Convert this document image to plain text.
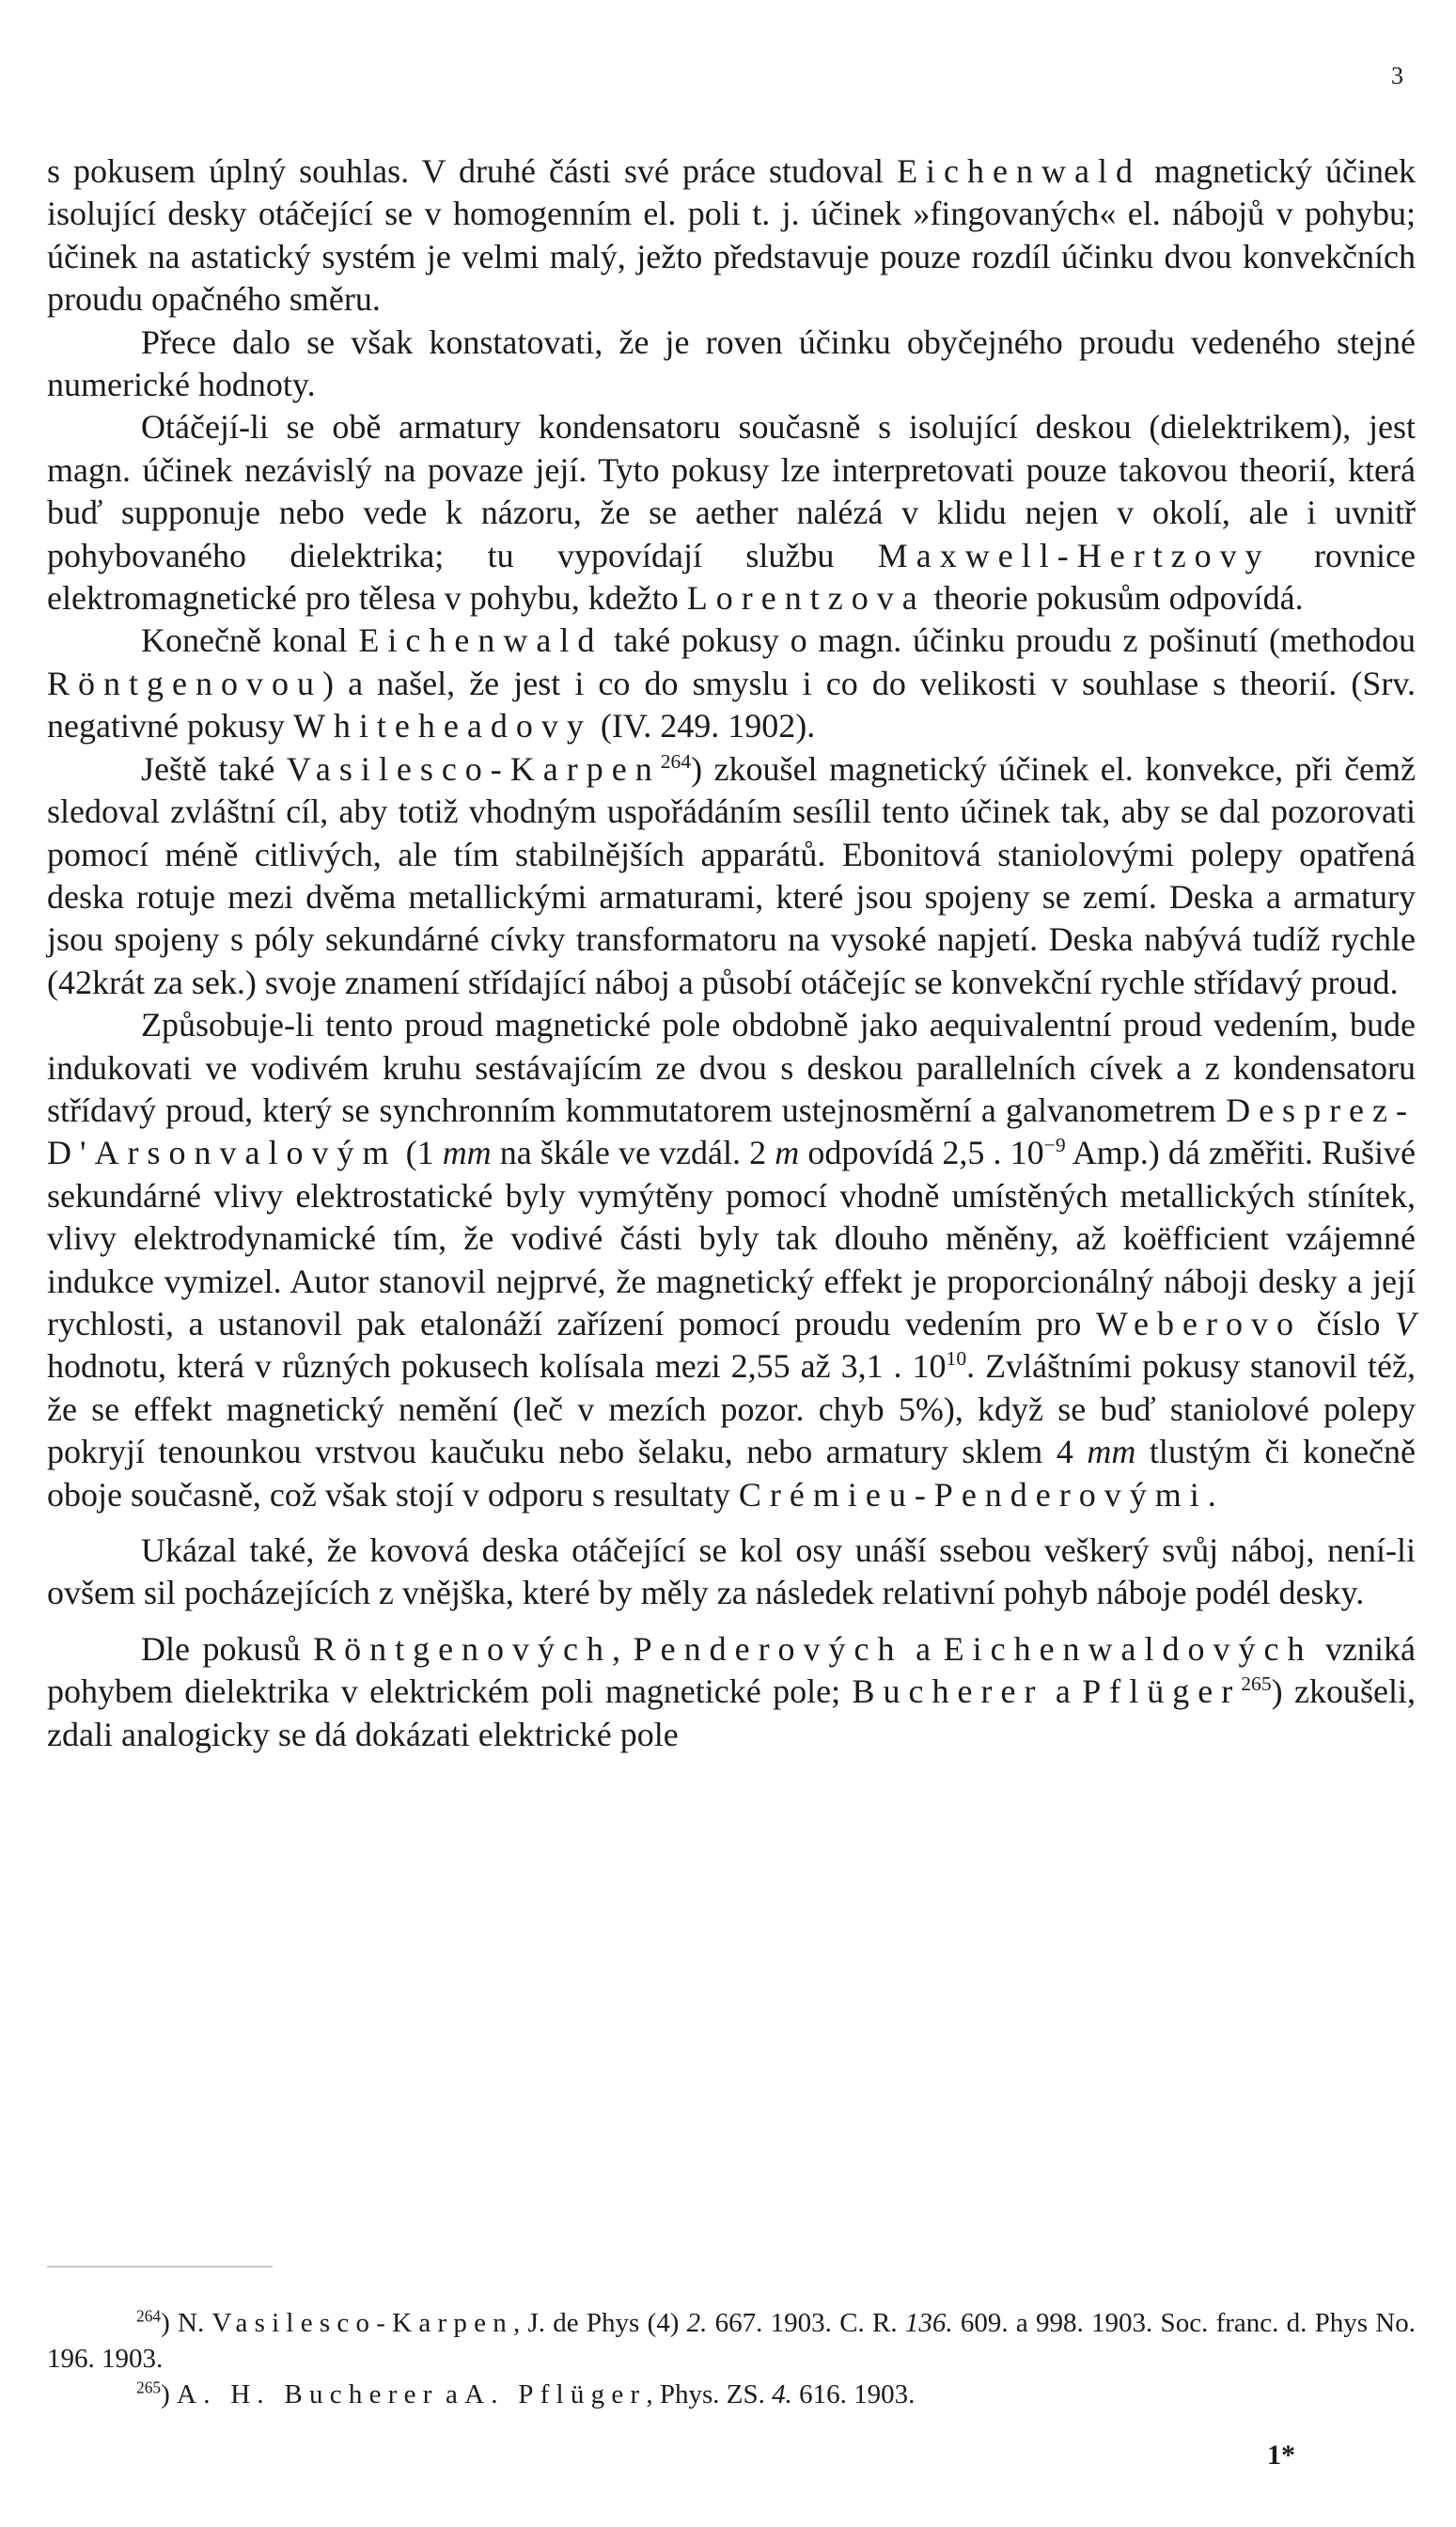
3

s pokusem úplný souhlas. V druhé části své práce studoval Eichenwald magnetický účinek isolující desky otáčející se v homogenním el. poli t. j. účinek »fingovaných« el. nábojů v pohybu; účinek na astatický systém je velmi malý, ježto představuje pouze rozdíl účinku dvou konvekčních proudu opačného směru.

Přece dalo se však konstatovati, že je roven účinku obyčejného proudu vedeného stejné numerické hodnoty.

Otáčejí-li se obě armatury kondensatoru současně s isolující deskou (dielektrikem), jest magn. účinek nezávislý na povaze její. Tyto pokusy lze interpretovati pouze takovou theorií, která buď supponuje nebo vede k názoru, že se aether nalézá v klidu nejen v okolí, ale i uvnitř pohybovaného dielektrika; tu vypovídají službu Maxwell-Hertzovy rovnice elektromagnetické pro tělesa v pohybu, kdežto Lorentzova theorie pokusům odpovídá.

Konečně konal Eichenwald také pokusy o magn. účinku proudu z pošinutí (methodou Röntgenovou) a našel, že jest i co do smyslu i co do velikosti v souhlase s theorií. (Srv. negativné pokusy Whiteheadovy (IV. 249. 1902).

Ještě také Vasilesco-Karpen$^{264}$) zkoušel magnetický účinek el. konvekce, při čemž sledoval zvláštní cíl, aby totiž vhodným uspořádáním sesílil tento účinek tak, aby se dal pozorovati pomocí méně citlivých, ale tím stabilnějších apparátů. Ebonitová staniolovými polepy opatřená deska rotuje mezi dvěma metallickými armaturami, které jsou spojeny se zemí. Deska a armatury jsou spojeny s póly sekundárné cívky transformatoru na vysoké napjetí. Deska nabývá tudíž rychle (42krát za sek.) svoje znamení střídající náboj a působí otáčejíc se konvekční rychle střídavý proud.

Způsobuje-li tento proud magnetické pole obdobně jako aequivalentní proud vedením, bude indukovati ve vodivém kruhu sestávajícím ze dvou s deskou parallelních cívek a z kondensatoru střídavý proud, který se synchronním kommutatorem ustejnosměrní a galvanometrem Desprez-D'Arsonvalovým (1 mm na škále ve vzdál. 2 m odpovídá 2,5 . $10^{-9}$ Amp.) dá změřiti. Rušivé sekundárné vlivy elektrostatické byly vymýtěny pomocí vhodně umístěných metallických stínítek, vlivy elektrodynamické tím, že vodivé části byly tak dlouho měněny, až koëfficient vzájemné indukce vymizel. Autor stanovil nejprvé, že magnetický effekt je proporcionálný náboji desky a její rychlosti, a ustanovil pak etalonáží zařízení pomocí proudu vedením pro Weberovo číslo V hodnotu, která v různých pokusech kolísala mezi 2,55 až 3,1 . $10^{10}$. Zvláštními pokusy stanovil též, že se effekt magnetický nemění (leč v mezích pozor. chyb 5%), když se buď staniolové polepy pokryjí tenounkou vrstvou kaučuku nebo šelaku, nebo armatury sklem 4 mm tlustým či konečně oboje současně, což však stojí v odporu s resultaty Crémieu-Penderovými.

Ukázal také, že kovová deska otáčející se kol osy unáší ssebou veškerý svůj náboj, není-li ovšem sil pocházejících z vnějška, které by měly za následek relativní pohyb náboje podél desky.

Dle pokusů Röntgenových, Penderových a Eichenwaldových vzniká pohybem dielektrika v elektrickém poli magnetické pole; Bucherer a Pflüger$^{265}$) zkoušeli, zdali analogicky se dá dokázati elektrické pole

$^{264}$) N. Vasilesco-Karpen, J. de Phys (4) 2. 667. 1903. C. R. 136. 609. a 998. 1903. Soc. franc. d. Phys No. 196. 1903.

$^{265}$) A. H. Bucherer a A. Pflüger, Phys. ZS. 4. 616. 1903.

1*
